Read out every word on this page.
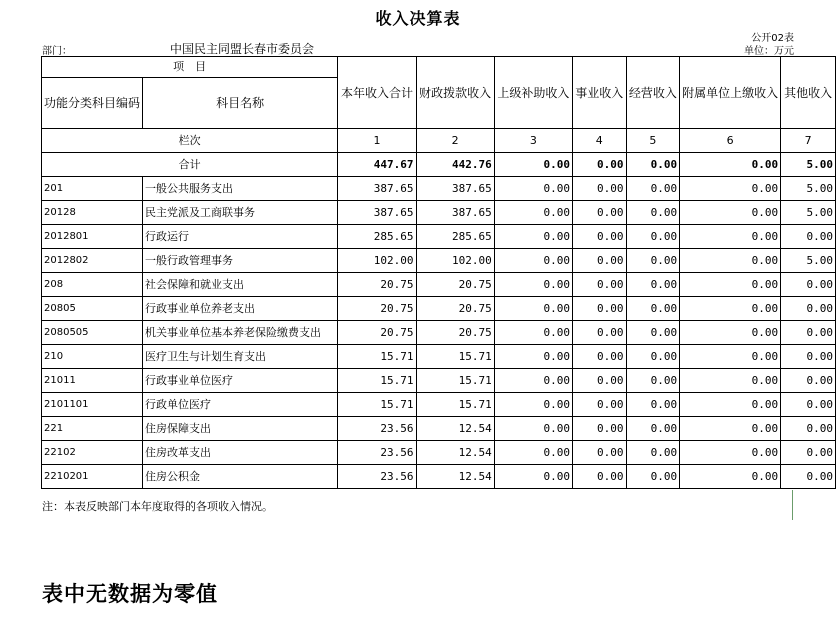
收入决算表
公开02表
单位：万元
部门：	中国民主同盟长春市委员会
项　目		本年收入合计	财政拨款收入	上级补助收入	事业收入	经营收入	附属单位上缴收入	其他收入
功能分类科目编码	科目名称							
栏次		1	2	3	4	5	6	7
合计		447.67	442.76	0.00	0.00	0.00	0.00	5.00
201	一般公共服务支出	387.65	387.65	0.00	0.00	0.00	0.00	5.00
20128	民主党派及工商联事务	387.65	387.65	0.00	0.00	0.00	0.00	5.00
2012801	行政运行	285.65	285.65	0.00	0.00	0.00	0.00	0.00
2012802	一般行政管理事务	102.00	102.00	0.00	0.00	0.00	0.00	5.00
208	社会保障和就业支出	20.75	20.75	0.00	0.00	0.00	0.00	0.00
20805	行政事业单位养老支出	20.75	20.75	0.00	0.00	0.00	0.00	0.00
2080505	机关事业单位基本养老保险缴费支出	20.75	20.75	0.00	0.00	0.00	0.00	0.00
210	医疗卫生与计划生育支出	15.71	15.71	0.00	0.00	0.00	0.00	0.00
21011	行政事业单位医疗	15.71	15.71	0.00	0.00	0.00	0.00	0.00
2101101	行政单位医疗	15.71	15.71	0.00	0.00	0.00	0.00	0.00
221	住房保障支出	23.56	12.54	0.00	0.00	0.00	0.00	0.00
22102	住房改革支出	23.56	12.54	0.00	0.00	0.00	0.00	0.00
2210201	住房公积金	23.56	12.54	0.00	0.00	0.00	0.00	0.00
注：本表反映部门本年度取得的各项收入情况。
表中无数据为零值
